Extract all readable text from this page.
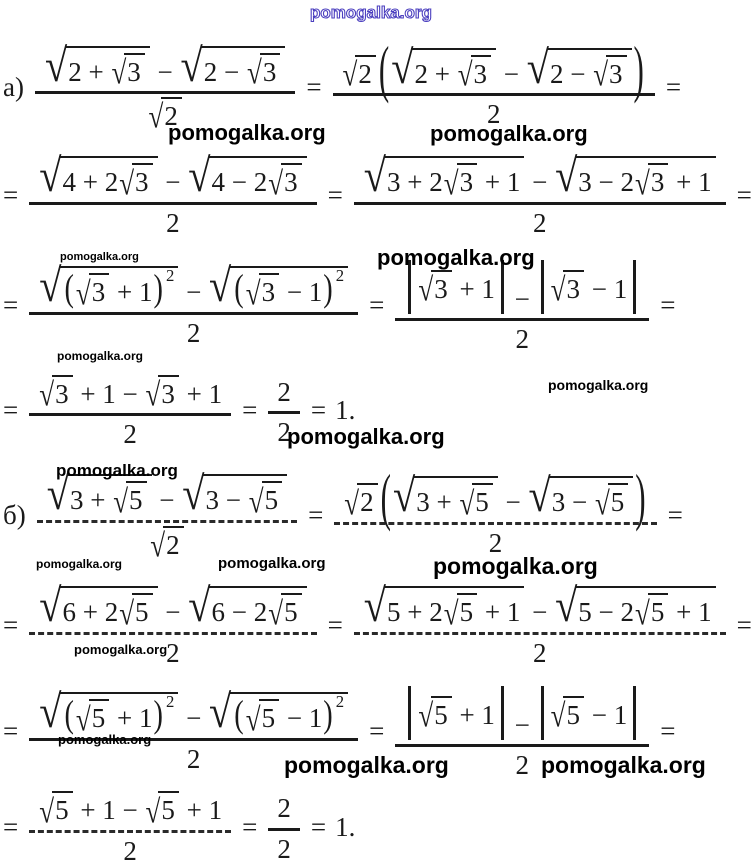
$a) \frac{√ 2 + √ 3 - √ 2 - √ 3}{√ 2} = \frac{√ 2 ( √ 2 + √ 3 - √ 2 - √ 3 )}{2}$ =
= $\frac{√ 4 + 2 √ 3 - √ 4 - 2 √ 3}{2} = \frac{√ 3 + 2 √ 3 + 1 - √ 3 - 2 √ 3 + 1}{2}$ =
= √ ( √ 3 + 1 ) 2
− √ ( √ 3 − 1 ) 2
$2 = \frac{√ 3 + 1 - √ 3 - 1}{2}$ =
= $\frac{√ 3 + 1 - √ 3 + 1}{2} = \frac{2}{2} = 1$.
$б) \frac{√ 3 + √ 5 - √ 3 - √ 5}{√ 2} = \frac{√ 2 ( √ 3 + √ 5 - √ 3 - √ 5 )}{2}$ =
= $\frac{√ 6 + 2 √ 5 - √ 6 - 2 √ 5}{2} = \frac{√ 5 + 2 √ 5 + 1 - √ 5 - 2 √ 5 + 1}{2}$ =
= √ ( √ 5 + 1 ) 2
− √ ( √ 5 − 1 ) 2
$2 = \frac{√ 5 + 1 - √ 5 - 1}{2}$ =
= $\frac{√ 5 + 1 - √ 5 + 1}{2} = \frac{2}{2} = 1$.
pomogalka.org
pomogalka.org	pomogalka.org
pomogalka.org	pomogalka.org
pomogalka.org
pomogalka.org
pomogalka.org
pomogalka.org
pomogalka.org	pomogalka.org	pomogalka.org
pomogalka.org
pomogalka.org
pomogalka.org	pomogalka.org
